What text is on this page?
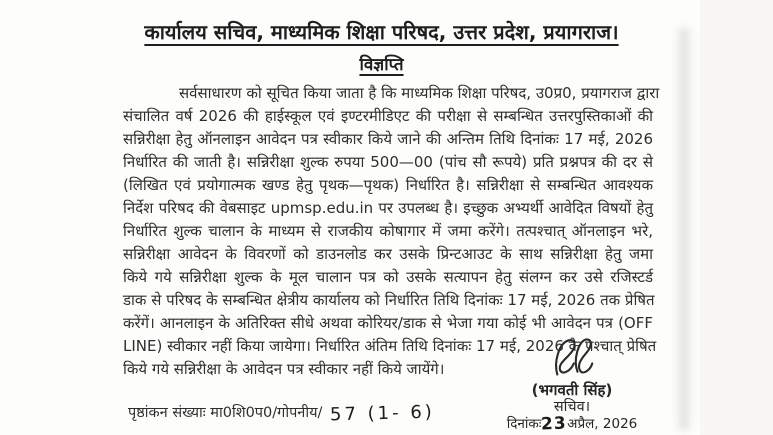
कार्यालय सचिव, माध्यमिक शिक्षा परिषद, उत्तर प्रदेश, प्रयागराज।
विज्ञप्ति
सर्वसाधारण को सूचित किया जाता है कि माध्यमिक शिक्षा परिषद, उ0प्र0, प्रयागराज द्वारा
संचालित वर्ष 2026 की हाईस्कूल एवं इण्टरमीडिएट की परीक्षा से सम्बन्धित उत्तरपुस्तिकाओं की
सन्निरीक्षा हेतु ऑनलाइन आवेदन पत्र स्वीकार किये जाने की अन्तिम तिथि दिनांकः 17 मई, 2026
निर्धारित की जाती है। सन्निरीक्षा शुल्क रुपया 500—00 (पांच सौ रूपये) प्रति प्रश्नपत्र की दर से
(लिखित एवं प्रयोगात्मक खण्ड हेतु पृथक—पृथक) निर्धारित है। सन्निरीक्षा से सम्बन्धित आवश्यक
निर्देश परिषद की वेबसाइट upmsp.edu.in पर उपलब्ध है। इच्छुक अभ्यर्थी आवेदित विषयों हेतु
निर्धारित शुल्क चालान के माध्यम से राजकीय कोषागार में जमा करेंगे। तत्पश्चात् ऑनलाइन भरे,
सन्निरीक्षा आवेदन के विवरणों को डाउनलोड कर उसके प्रिन्टआउट के साथ सन्निरीक्षा हेतु जमा
किये गये सन्निरीक्षा शुल्क के मूल चालान पत्र को उसके सत्यापन हेतु संलग्न कर उसे रजिस्टर्ड
डाक से परिषद के सम्बन्धित क्षेत्रीय कार्यालय को निर्धारित तिथि दिनांकः 17 मई, 2026 तक प्रेषित
करेंगें। आनलाइन के अतिरिक्त सीधे अथवा कोरियर/डाक से भेजा गया कोई भी आवेदन पत्र (OFF
LINE) स्वीकार नहीं किया जायेगा। निर्धारित अंतिम तिथि दिनांकः 17 मई, 2026 के पश्चात् प्रेषित
किये गये सन्निरीक्षा के आवेदन पत्र स्वीकार नहीं किये जायेंगे।
(भगवती सिंह)
सचिव।
दिनांकः23अप्रैल, 2026
पृष्ठांकन संख्याः मा0शि0प0/गोपनीय/ 57 (1- 6)
